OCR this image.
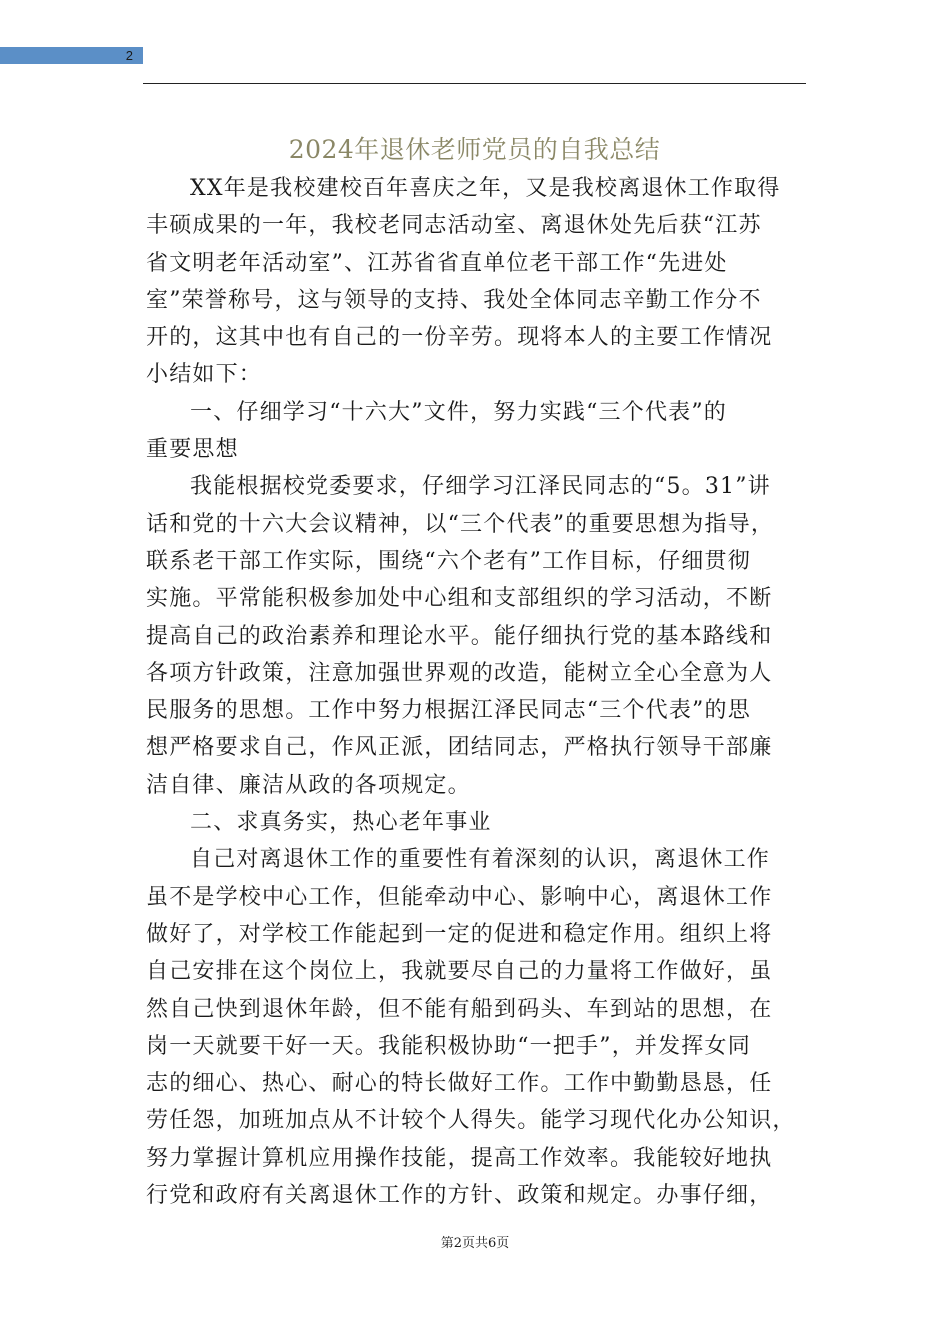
2
2024年退休老师党员的自我总结
XX年是我校建校百年喜庆之年，又是我校离退休工作取得
丰硕成果的一年，我校老同志活动室、离退休处先后获“江苏
省文明老年活动室”、江苏省省直单位老干部工作“先进处
室”荣誉称号，这与领导的支持、我处全体同志辛勤工作分不
开的，这其中也有自己的一份辛劳。现将本人的主要工作情况
小结如下：
一、仔细学习“十六大”文件，努力实践“三个代表”的
重要思想
我能根据校党委要求，仔细学习江泽民同志的“5。31”讲
话和党的十六大会议精神，以“三个代表”的重要思想为指导，
联系老干部工作实际，围绕“六个老有”工作目标，仔细贯彻
实施。平常能积极参加处中心组和支部组织的学习活动，不断
提高自己的政治素养和理论水平。能仔细执行党的基本路线和
各项方针政策，注意加强世界观的改造，能树立全心全意为人
民服务的思想。工作中努力根据江泽民同志“三个代表”的思
想严格要求自己，作风正派，团结同志，严格执行领导干部廉
洁自律、廉洁从政的各项规定。
二、求真务实，热心老年事业
自己对离退休工作的重要性有着深刻的认识，离退休工作
虽不是学校中心工作，但能牵动中心、影响中心，离退休工作
做好了，对学校工作能起到一定的促进和稳定作用。组织上将
自己安排在这个岗位上，我就要尽自己的力量将工作做好，虽
然自己快到退休年龄，但不能有船到码头、车到站的思想，在
岗一天就要干好一天。我能积极协助“一把手”，并发挥女同
志的细心、热心、耐心的特长做好工作。工作中勤勤恳恳，任
劳任怨，加班加点从不计较个人得失。能学习现代化办公知识，
努力掌握计算机应用操作技能，提高工作效率。我能较好地执
行党和政府有关离退休工作的方针、政策和规定。办事仔细，
第2页共6页
